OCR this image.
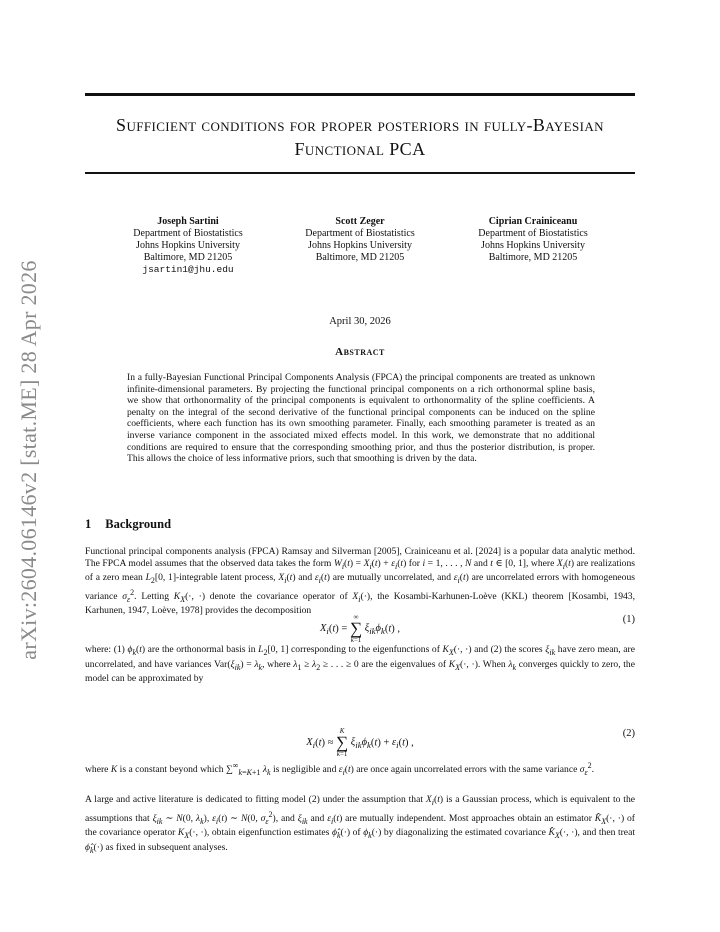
arXiv:2604.06146v2 [stat.ME] 28 Apr 2026
Sufficient conditions for proper posteriors in fully-Bayesian Functional PCA
Joseph Sartini
Department of Biostatistics
Johns Hopkins University
Baltimore, MD 21205
jsartin1@jhu.edu
Scott Zeger
Department of Biostatistics
Johns Hopkins University
Baltimore, MD 21205
Ciprian Crainiceanu
Department of Biostatistics
Johns Hopkins University
Baltimore, MD 21205
April 30, 2026
Abstract
In a fully-Bayesian Functional Principal Components Analysis (FPCA) the principal components are treated as unknown infinite-dimensional parameters. By projecting the functional principal components on a rich orthonormal spline basis, we show that orthonormality of the principal components is equivalent to orthonormality of the spline coefficients. A penalty on the integral of the second derivative of the functional principal components can be induced on the spline coefficients, where each function has its own smoothing parameter. Finally, each smoothing parameter is treated as an inverse variance component in the associated mixed effects model. In this work, we demonstrate that no additional conditions are required to ensure that the corresponding smoothing prior, and thus the posterior distribution, is proper. This allows the choice of less informative priors, such that smoothing is driven by the data.
1 Background
Functional principal components analysis (FPCA) Ramsay and Silverman [2005], Crainiceanu et al. [2024] is a popular data analytic method. The FPCA model assumes that the observed data takes the form $W_i(t) = X_i(t) + \varepsilon_i(t)$ for i = 1, . . . , N and t ∈ [0, 1], where $X_i(t)$ are realizations of a zero mean $L_2[0$, 1]-integrable latent process, $X_i(t)$ and $\varepsilon_i(t)$ are mutually uncorrelated, and $\varepsilon_i(t)$ are uncorrelated errors with homogeneous variance $\sigma_\varepsilon^2$. Letting $K_X(\cdot$, ·) denote the covariance operator of $X_i(\cdot)$, the Kosambi-Karhunen-Loève (KKL) theorem [Kosambi, 1943, Karhunen, 1947, Loève, 1978] provides the decomposition
$X_i(t)$ =
∞
∑
k=1
$\xi_{ik}\phi_k(t)$ ,
(1)
where: (1) $\phi_k(t)$ are the orthonormal basis in $L_2[0$, 1] corresponding to the eigenfunctions of $K_X(\cdot$, ·) and (2) the scores $\xi_{ik}$ have zero mean, are uncorrelated, and have variances $Var(\xi_{ik}) = \lambda_k$, where $\lambda_1 \ge \lambda_2$ ≥ . . . ≥ 0 are the eigenvalues of $K_X(\cdot$, ·). When $\lambda_k$ converges quickly to zero, the model can be approximated by
$X_i(t)$ ≈
K
∑
k=1
$\xi_{ik}\phi_k(t) + \varepsilon_i(t)$ ,
(2)
where K is a constant beyond which $\sum^\infty_{k=K+1}$ $\lambda_k$ is negligible and $\varepsilon_i(t)$ are once again uncorrelated errors with the same variance $\sigma_\varepsilon^2$.
A large and active literature is dedicated to fitting model (2) under the assumption that $X_i(t)$ is a Gaussian process, which is equivalent to the assumptions that $\xi_{ik}$ ∼ N(0, $\lambda_k$), $\varepsilon_i(t)$ ∼ N(0, $\sigma_\varepsilon^2$), and $\xi_{ik}$ and $\varepsilon_i(t)$ are mutually independent. Most approaches obtain an estimator $K̂_X(\cdot$, ·) of the covariance operator $K_X(\cdot$, ·), obtain eigenfunction estimates $\phî_k(\cdot)$ of $\phi_k(\cdot)$ by diagonalizing the estimated covariance $K̂_X(\cdot$, ·), and then treat $\phî_k(\cdot)$ as fixed in subsequent analyses.
